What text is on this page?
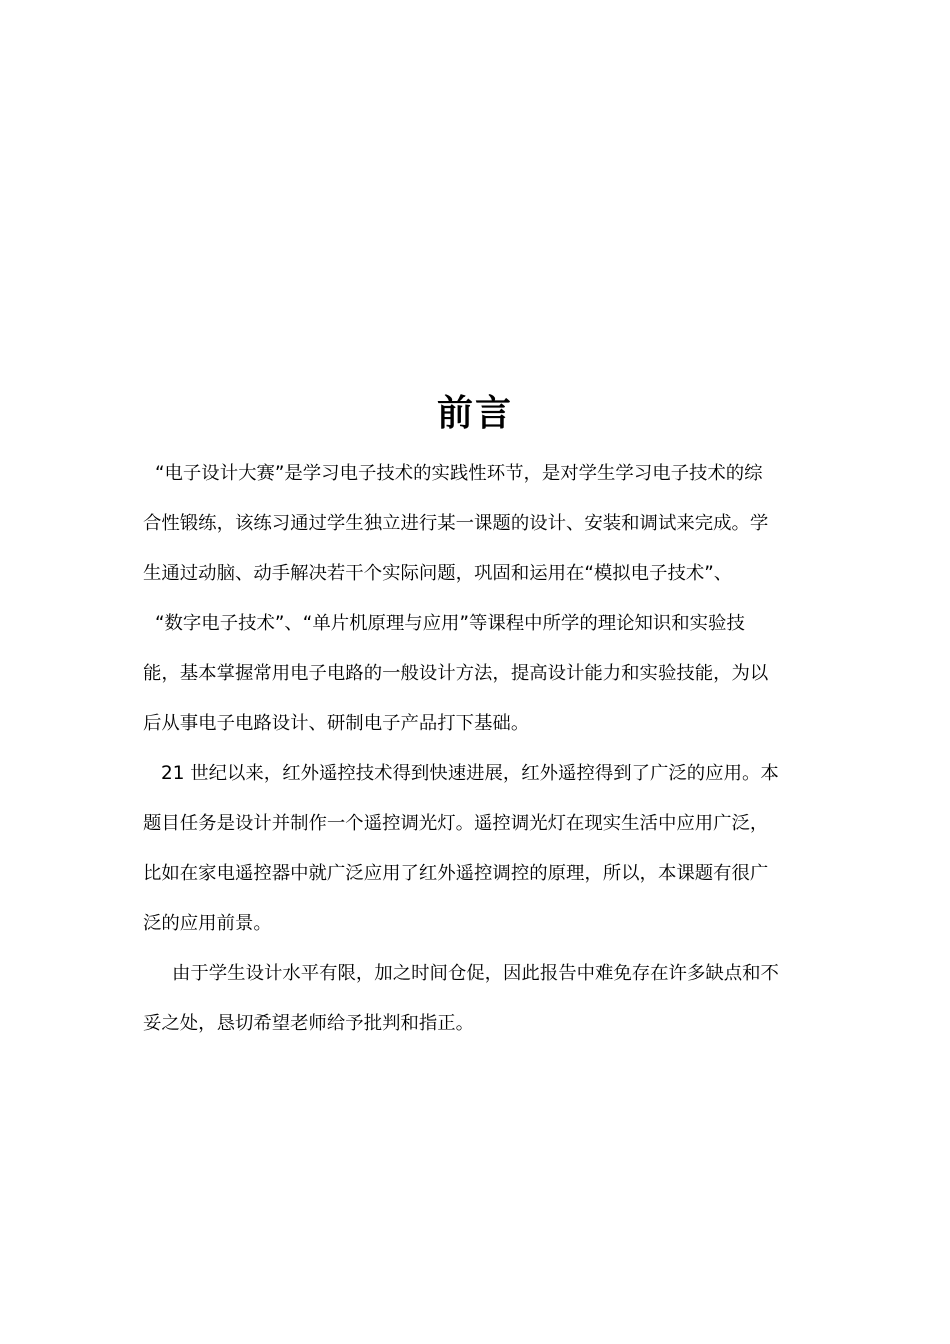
前言
“电子设计大赛”是学习电子技术的实践性环节，是对学生学习电子技术的综
合性锻练，该练习通过学生独立进行某一课题的设计、安装和调试来完成。学
生通过动脑、动手解决若干个实际问题，巩固和运用在“模拟电子技术”、
“数字电子技术”、“单片机原理与应用”等课程中所学的理论知识和实验技
能，基本掌握常用电子电路的一般设计方法，提高设计能力和实验技能，为以
后从事电子电路设计、研制电子产品打下基础。
21 世纪以来，红外遥控技术得到快速进展，红外遥控得到了广泛的应用。本
题目任务是设计并制作一个遥控调光灯。遥控调光灯在现实生活中应用广泛，
比如在家电遥控器中就广泛应用了红外遥控调控的原理，所以，本课题有很广
泛的应用前景。
由于学生设计水平有限，加之时间仓促，因此报告中难免存在许多缺点和不
妥之处，恳切希望老师给予批判和指正。
